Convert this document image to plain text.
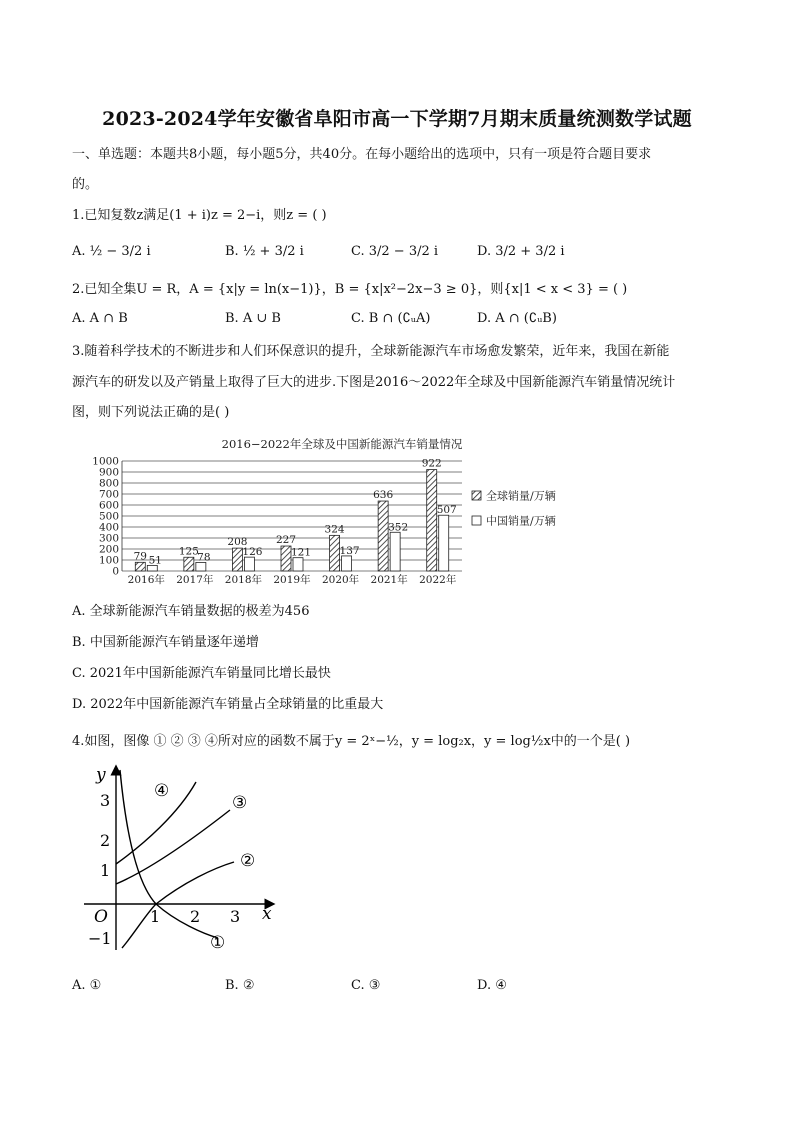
2023-2024学年安徽省阜阳市高一下学期7月期末质量统测数学试题
一、单选题：本题共8小题，每小题5分，共40分。在每小题给出的选项中，只有一项是符合题目要求
的。
1.已知复数z满足(1 + i)z = 2−i，则z = ( )
A. ½ − 3/2 i	B. ½ + 3/2 i	C. 3/2 − 3/2 i	D. 3/2 + 3/2 i
2.已知全集U = R，A = {x|y = ln(x−1)}，B = {x|x²−2x−3 ≥ 0}，则{x|1 < x < 3} = ( )
A. A ∩ B	B. A ∪ B	C. B ∩ (∁ᵤA)	D. A ∩ (∁ᵤB)
3.随着科学技术的不断进步和人们环保意识的提升，全球新能源汽车市场愈发繁荣，近年来，我国在新能
源汽车的研发以及产销量上取得了巨大的进步.下图是2016～2022年全球及中国新能源汽车销量情况统计
图，则下列说法正确的是( )
2016−2022年全球及中国新能源汽车销量情况
0
100
200
300
400
500
600
700
800
900
1000
79 51
125
78
208
126
227
121
324
137
636
352
922
507
2016年 2017年 2018年 2019年 2020年 2021年 2022年
全球销量/万辆
中国销量/万辆
A. 全球新能源汽车销量数据的极差为456
B. 中国新能源汽车销量逐年递增
C. 2021年中国新能源汽车销量同比增长最快
D. 2022年中国新能源汽车销量占全球销量的比重最大
4.如图，图像 ① ② ③ ④所对应的函数不属于y = 2ˣ−½，y = log₂x，y = log½x中的一个是( )
y
x
O	1 2 3
3
2
1
−1	①
②
③
④
A. ①	B. ②	C. ③	D. ④
